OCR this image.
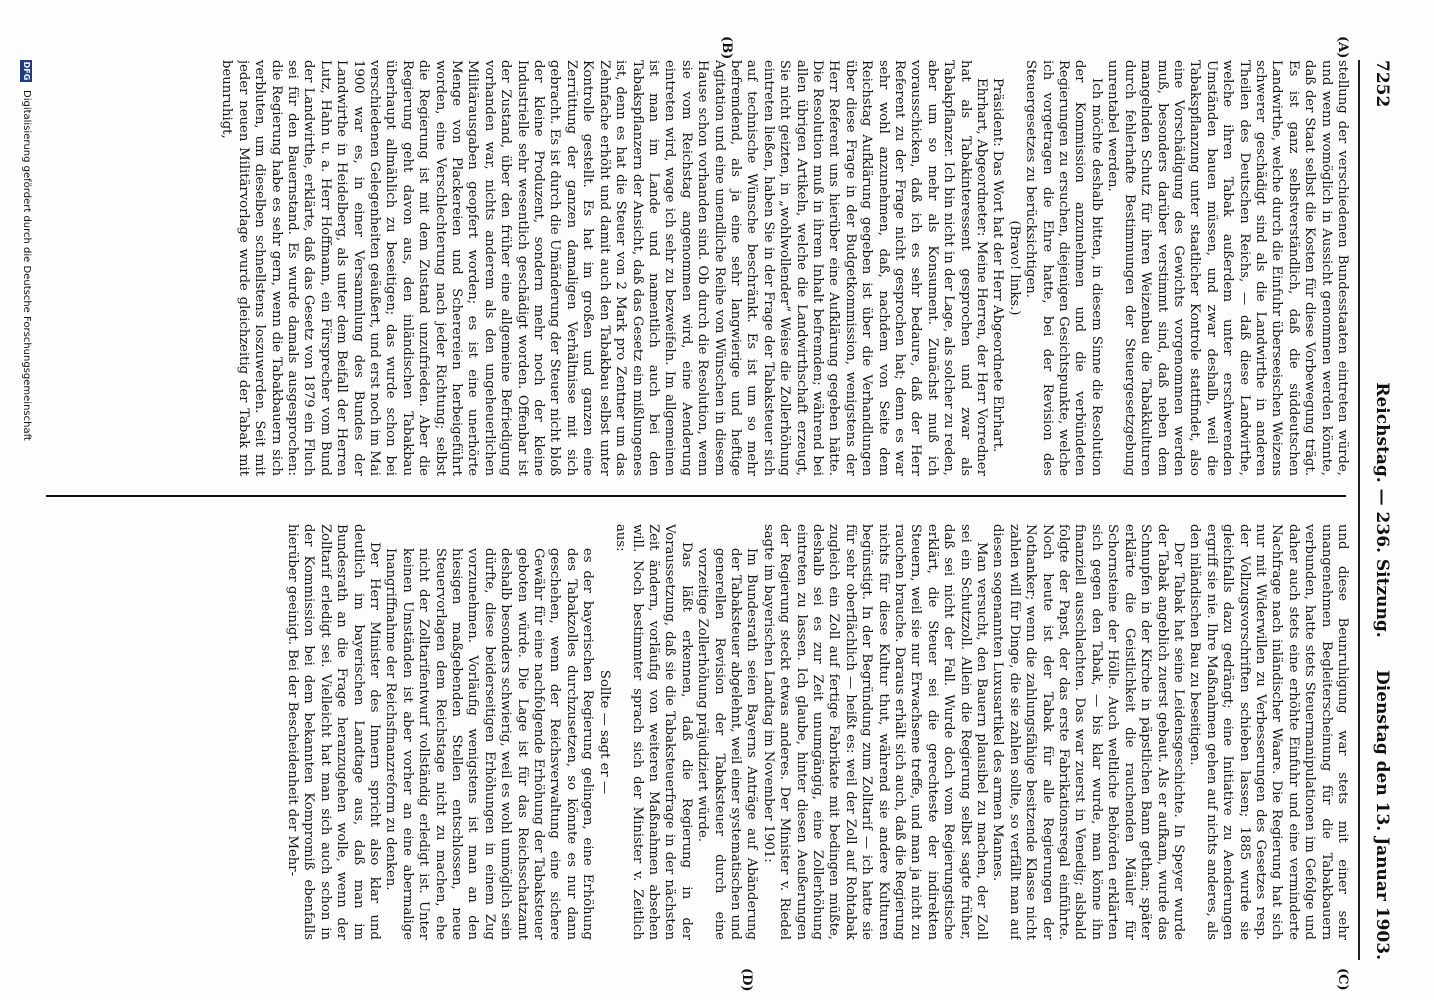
7252
Reichstag. — 236. Sitzung.
Dienstag den 13. Januar 1903.
(A)
(B)
(C)
(D)

stellung der verschiedenen Bundesstaaten eintreten würde, und wenn womöglich in Aussicht genommen werden könnte, daß der Staat selbst die Kosten für diese Vorbewegung trägt. Es ist ganz selbstverständlich, daß die süddeutschen Landwirthe, welche durch die Einfuhr überseeischen Weizens schwerer geschädigt sind als die Landwirthe in anderen Theilen des Deutschen Reichs, — daß diese Landwirthe, welche ihren Tabak außerdem unter erschwerenden Umständen bauen müssen, und zwar deshalb, weil die Tabakspflanzung unter staatlicher Kontrole stattfindet, also eine Vorschädigung des Gewichts vorgenommen werden muß, besonders darüber verstimmt sind, daß neben dem mangelnden Schutz für ihren Weizenbau die Tabakkulturen durch fehlerhafte Bestimmungen der Steuergesetzgebung unrentabel werden.

Ich möchte deshalb bitten, in diesem Sinne die Resolution der Kommission anzunehmen und die verbündeten Regierungen zu ersuchen, diejenigen Gesichtspunkte, welche ich vorgetragen die Ehre hatte, bei der Revision des Steuergesetzes zu berücksichtigen.

(Bravo! links.)

Präsident: Das Wort hat der Herr Abgeordnete Ehrhart.

Ehrhart, Abgeordneter: Meine Herren, der Herr Vorredner hat als Tabakinteressent gesprochen und zwar als Tabakpflanzer. Ich bin nicht in der Lage, als solcher zu reden, aber um so mehr als Konsument. Zunächst muß ich vorausschicken, daß ich es sehr bedaure, daß der Herr Referent zu der Frage nicht gesprochen hat; denn es war sehr wohl anzunehmen, daß, nachdem von Seite dem Reichstag Aufklärung gegeben ist über die Verhandlungen über diese Frage in der Budgetkommission, wenigstens der Herr Referent uns hierüber eine Aufklärung gegeben hätte. Die Resolution muß in ihrem Inhalt befremden; während bei allen übrigen Artikeln, welche die Landwirthschaft erzeugt, Sie nicht geizten, in „wohlwollender“ Weise die Zollerhöhung eintreten ließen, haben Sie in der Frage der Tabaksteuer sich auf technische Wünsche beschränkt. Es ist um so mehr befremdend, als ja eine sehr langwierige und heftige Agitation und eine unendliche Reihe von Wünschen in diesem Hause schon vorhanden sind. Ob durch die Resolution, wenn sie vom Reichstag angenommen wird, eine Aenderung eintreten wird, wage ich sehr zu bezweifeln. Im allgemeinen ist man im Lande und namentlich auch bei den Tabakspflanzern der Ansicht, daß das Gesetz ein mißlungenes ist, denn es hat die Steuer von 2 Mark pro Zentner um das Zehnfache erhöht und damit auch den Tabakbau selbst unter Kontrolle gestellt. Es hat im großen und ganzen eine Zerrüttung der ganzen damaligen Verhältnisse mit sich gebracht. Es ist durch die Umänderung der Steuer nicht bloß der kleine Produzent, sondern mehr noch der kleine Industrielle sehr wesentlich geschädigt worden. Offenbar ist der Zustand, über den früher eine allgemeine Befriedigung vorhanden war, nichts anderem als den ungeheuerlichen Militärausgaben geopfert worden; es ist eine unerhörte Menge von Plackereien und Scherereien herbeigeführt worden, eine Verschlechterung nach jeder Richtung; selbst die Regierung ist mit dem Zustand unzufrieden. Aber die Regierung geht davon aus, den inländischen Tabakbau überhaupt allmählich zu beseitigen; das wurde schon bei verschiedenen Gelegenheiten geäußert, und erst noch im Mai 1900 war es, in einer Versammlung des Bundes der Landwirthe in Heidelberg, als unter dem Beifall der Herren Lutz, Hahn u. a. Herr Hoffmann, ein Fürsprecher vom Bund der Landwirthe, erklärte, daß das Gesetz von 1879 ein Fluch sei für den Bauernstand. Es wurde damals ausgesprochen: die Regierung habe es sehr gern, wenn die Tabakbauern sich verbluten, um dieselben schnellstens loszuwerden. Seit mit jeder neuen Militärvorlage wurde gleichzeitig der Tabak mit beunruhigt,

und diese Beunruhigung war stets mit einer sehr unangenehmen Begleiterscheinung für die Tabakbauern verbunden, hatte stets Steuermanipulationen im Gefolge und daher auch stets eine erhöhte Einfuhr und eine verminderte Nachfrage nach inländischer Waare. Die Regierung hat sich nur mit Widerwillen zu Verbesserungen des Gesetzes resp. der Vollzugsvorschriften schieben lassen; 1885 wurde sie gleichfalls dazu gedrängt; eine Initiative zu Aenderungen ergriff sie nie. Ihre Maßnahmen gehen auf nichts anderes, als den inländischen Bau zu beseitigen.

Der Tabak hat seine Leidensgeschichte. In Speyer wurde der Tabak angeblich zuerst gebaut. Als er aufkam, wurde das Schnupfen in der Kirche in päpstlichen Bann gethan; später erklärte die Geistlichkeit die rauchenden Mäuler für Schornsteine der Hölle. Auch weltliche Behörden erklärten sich gegen den Tabak, — bis klar wurde, man könne ihn finanziell ausschlachten. Das war zuerst in Venedig; alsbald folgte der Papst, der das erste Fabrikationsregal einführte. Noch heute ist der Tabak für alle Regierungen der Nothanker; wenn die zahlungsfähige besitzende Klasse nicht zahlen will für Dinge, die sie zahlen sollte, so verfällt man auf diesen sogenannten Luxusartikel des armen Mannes.

Man versucht, den Bauern plausibel zu machen, der Zoll sei ein Schutzzoll. Allein die Regierung selbst sagte früher, daß sei nicht der Fall. Wurde doch vom Regierungstische erklärt, die Steuer sei die gerechteste der indirekten Steuern, weil sie nur Erwachsene treffe, und man ja nicht zu rauchen brauche. Daraus erhält sich auch, daß die Regierung nichts für diese Kultur thut, während sie andere Kulturen begünstigt. In der Begründung zum Zolltarif — ich hatte sie für sehr oberflächlich — heißt es: weil der Zoll auf Rohtabak zugleich ein Zoll auf fertige Fabrikate mit bedingen müßte, deshalb sei es zur Zeit unumgängig, eine Zollerhöhung eintreten zu lassen. Ich glaube, hinter diesen Aeußerungen der Regierung steckt etwas anderes. Der Minister v. Riedel sagte im bayerischen Landtag im November 1901:

Im Bundesrath seien Bayerns Anträge auf Abänderung der Tabaksteuer abgelehnt, weil einer systematischen und generellen Revision der Tabaksteuer durch eine vorzeitige Zollerhöhung präjudiziert würde.

Das läßt erkennen, daß die Regierung in der Voraussetzung, daß sie die Tabaksteuerfrage in der nächsten Zeit ändern, vorläufig von weiteren Maßnahmen absehen will. Noch bestimmter sprach sich der Minister v. Zeitlich aus:

Sollte — sagt er —

es der bayerischen Regierung gelingen, eine Erhöhung des Tabakzolles durchzusetzen, so könnte es nur dann geschehen, wenn der Reichsverwaltung eine sichere Gewähr für eine nachfolgende Erhöhung der Tabaksteuer geboten würde. Die Lage ist für das Reichsschatzamt deshalb besonders schwierig, weil es wohl unmöglich sein dürfte, diese beiderseitigen Erhöhungen in einem Zug vorzunehmen. Vorläufig wenigstens ist man an den hiesigen maßgebenden Stellen entschlossen, neue Steuervorlagen dem Reichstage nicht zu machen, ehe nicht der Zolltarifentwurf vollständig erledigt ist. Unter keinen Umständen ist aber vorher an eine abermalige Inangriffnahme der Reichsfinanzreform zu denken.

Der Herr Minister des Innern spricht also klar und deutlich im bayerischen Landtage aus, daß man im Bundesrath an die Frage heranzugehen wolle, wenn der Zolltarif erledigt sei. Vielleicht hat man sich auch schon in der Kommission bei dem bekannten Kompromiß ebenfalls hierüber geeinigt. Bei der Bescheidenheit der Mehr-

DFG
Digitalisierung gefördert durch die Deutsche Forschungsgemeinschaft
